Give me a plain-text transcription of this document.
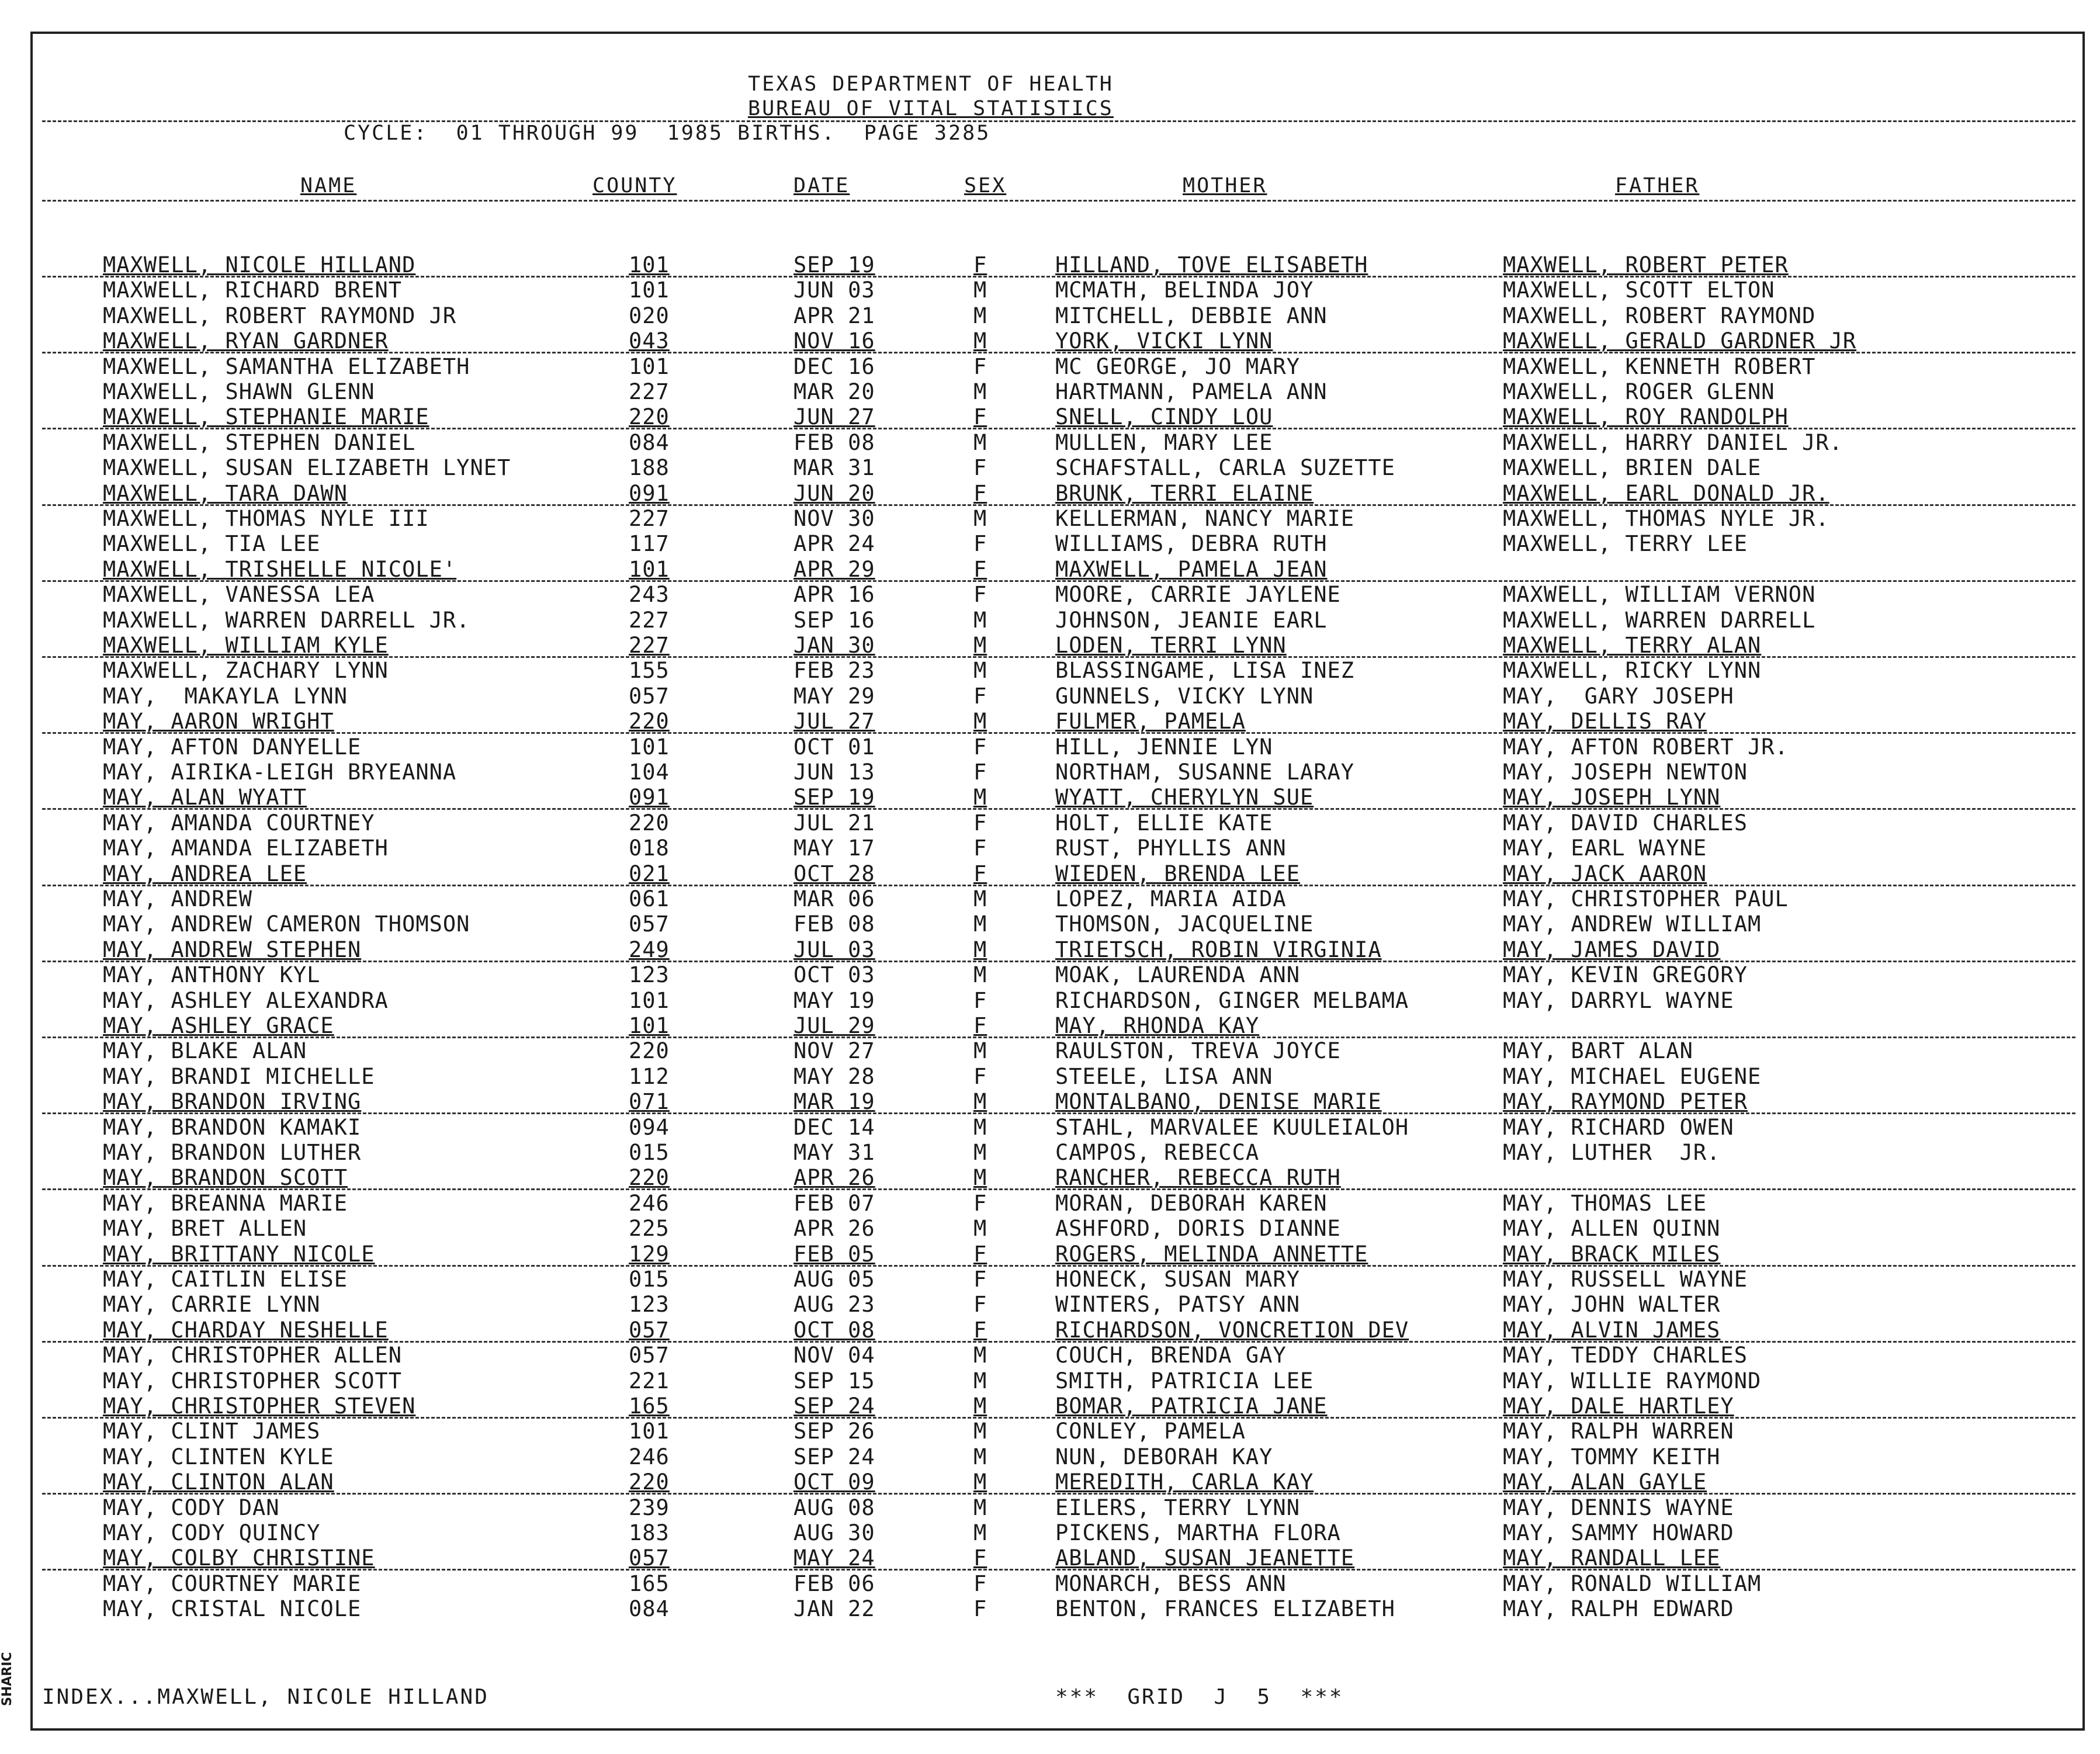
TEXAS DEPARTMENT OF HEALTH
BUREAU OF VITAL STATISTICS
CYCLE:  01 THROUGH 99  1985 BIRTHS.  PAGE 3285
NAME	COUNTY	DATE	SEX	MOTHER	FATHER
MAXWELL, NICOLE HILLAND	101	SEP 19	F	HILLAND, TOVE ELISABETH	MAXWELL, ROBERT PETER
MAXWELL, RICHARD BRENT	101	JUN 03	M	MCMATH, BELINDA JOY	MAXWELL, SCOTT ELTON
MAXWELL, ROBERT RAYMOND JR	020	APR 21	M	MITCHELL, DEBBIE ANN	MAXWELL, ROBERT RAYMOND
MAXWELL, RYAN GARDNER	043	NOV 16	M	YORK, VICKI LYNN	MAXWELL, GERALD GARDNER JR
MAXWELL, SAMANTHA ELIZABETH	101	DEC 16	F	MC GEORGE, JO MARY	MAXWELL, KENNETH ROBERT
MAXWELL, SHAWN GLENN	227	MAR 20	M	HARTMANN, PAMELA ANN	MAXWELL, ROGER GLENN
MAXWELL, STEPHANIE MARIE	220	JUN 27	F	SNELL, CINDY LOU	MAXWELL, ROY RANDOLPH
MAXWELL, STEPHEN DANIEL	084	FEB 08	M	MULLEN, MARY LEE	MAXWELL, HARRY DANIEL JR.
MAXWELL, SUSAN ELIZABETH LYNET	188	MAR 31	F	SCHAFSTALL, CARLA SUZETTE	MAXWELL, BRIEN DALE
MAXWELL, TARA DAWN	091	JUN 20	F	BRUNK, TERRI ELAINE	MAXWELL, EARL DONALD JR.
MAXWELL, THOMAS NYLE III	227	NOV 30	M	KELLERMAN, NANCY MARIE	MAXWELL, THOMAS NYLE JR.
MAXWELL, TIA LEE	117	APR 24	F	WILLIAMS, DEBRA RUTH	MAXWELL, TERRY LEE
MAXWELL, TRISHELLE NICOLE'	101	APR 29	F	MAXWELL, PAMELA JEAN
MAXWELL, VANESSA LEA	243	APR 16	F	MOORE, CARRIE JAYLENE	MAXWELL, WILLIAM VERNON
MAXWELL, WARREN DARRELL JR.	227	SEP 16	M	JOHNSON, JEANIE EARL	MAXWELL, WARREN DARRELL
MAXWELL, WILLIAM KYLE	227	JAN 30	M	LODEN, TERRI LYNN	MAXWELL, TERRY ALAN
MAXWELL, ZACHARY LYNN	155	FEB 23	M	BLASSINGAME, LISA INEZ	MAXWELL, RICKY LYNN
MAY,  MAKAYLA LYNN	057	MAY 29	F	GUNNELS, VICKY LYNN	MAY,  GARY JOSEPH
MAY, AARON WRIGHT	220	JUL 27	M	FULMER, PAMELA	MAY, DELLIS RAY
MAY, AFTON DANYELLE	101	OCT 01	F	HILL, JENNIE LYN	MAY, AFTON ROBERT JR.
MAY, AIRIKA-LEIGH BRYEANNA	104	JUN 13	F	NORTHAM, SUSANNE LARAY	MAY, JOSEPH NEWTON
MAY, ALAN WYATT	091	SEP 19	M	WYATT, CHERYLYN SUE	MAY, JOSEPH LYNN
MAY, AMANDA COURTNEY	220	JUL 21	F	HOLT, ELLIE KATE	MAY, DAVID CHARLES
MAY, AMANDA ELIZABETH	018	MAY 17	F	RUST, PHYLLIS ANN	MAY, EARL WAYNE
MAY, ANDREA LEE	021	OCT 28	F	WIEDEN, BRENDA LEE	MAY, JACK AARON
MAY, ANDREW	061	MAR 06	M	LOPEZ, MARIA AIDA	MAY, CHRISTOPHER PAUL
MAY, ANDREW CAMERON THOMSON	057	FEB 08	M	THOMSON, JACQUELINE	MAY, ANDREW WILLIAM
MAY, ANDREW STEPHEN	249	JUL 03	M	TRIETSCH, ROBIN VIRGINIA	MAY, JAMES DAVID
MAY, ANTHONY KYL	123	OCT 03	M	MOAK, LAURENDA ANN	MAY, KEVIN GREGORY
MAY, ASHLEY ALEXANDRA	101	MAY 19	F	RICHARDSON, GINGER MELBAMA	MAY, DARRYL WAYNE
MAY, ASHLEY GRACE	101	JUL 29	F	MAY, RHONDA KAY
MAY, BLAKE ALAN	220	NOV 27	M	RAULSTON, TREVA JOYCE	MAY, BART ALAN
MAY, BRANDI MICHELLE	112	MAY 28	F	STEELE, LISA ANN	MAY, MICHAEL EUGENE
MAY, BRANDON IRVING	071	MAR 19	M	MONTALBANO, DENISE MARIE	MAY, RAYMOND PETER
MAY, BRANDON KAMAKI	094	DEC 14	M	STAHL, MARVALEE KUULEIALOH	MAY, RICHARD OWEN
MAY, BRANDON LUTHER	015	MAY 31	M	CAMPOS, REBECCA	MAY, LUTHER  JR.
MAY, BRANDON SCOTT	220	APR 26	M	RANCHER, REBECCA RUTH
MAY, BREANNA MARIE	246	FEB 07	F	MORAN, DEBORAH KAREN	MAY, THOMAS LEE
MAY, BRET ALLEN	225	APR 26	M	ASHFORD, DORIS DIANNE	MAY, ALLEN QUINN
MAY, BRITTANY NICOLE	129	FEB 05	F	ROGERS, MELINDA ANNETTE	MAY, BRACK MILES
MAY, CAITLIN ELISE	015	AUG 05	F	HONECK, SUSAN MARY	MAY, RUSSELL WAYNE
MAY, CARRIE LYNN	123	AUG 23	F	WINTERS, PATSY ANN	MAY, JOHN WALTER
MAY, CHARDAY NESHELLE	057	OCT 08	F	RICHARDSON, VONCRETION DEV	MAY, ALVIN JAMES
MAY, CHRISTOPHER ALLEN	057	NOV 04	M	COUCH, BRENDA GAY	MAY, TEDDY CHARLES
MAY, CHRISTOPHER SCOTT	221	SEP 15	M	SMITH, PATRICIA LEE	MAY, WILLIE RAYMOND
MAY, CHRISTOPHER STEVEN	165	SEP 24	M	BOMAR, PATRICIA JANE	MAY, DALE HARTLEY
MAY, CLINT JAMES	101	SEP 26	M	CONLEY, PAMELA	MAY, RALPH WARREN
MAY, CLINTEN KYLE	246	SEP 24	M	NUN, DEBORAH KAY	MAY, TOMMY KEITH
MAY, CLINTON ALAN	220	OCT 09	M	MEREDITH, CARLA KAY	MAY, ALAN GAYLE
MAY, CODY DAN	239	AUG 08	M	EILERS, TERRY LYNN	MAY, DENNIS WAYNE
MAY, CODY QUINCY	183	AUG 30	M	PICKENS, MARTHA FLORA	MAY, SAMMY HOWARD
MAY, COLBY CHRISTINE	057	MAY 24	F	ABLAND, SUSAN JEANETTE	MAY, RANDALL LEE
MAY, COURTNEY MARIE	165	FEB 06	F	MONARCH, BESS ANN	MAY, RONALD WILLIAM
MAY, CRISTAL NICOLE	084	JAN 22	F	BENTON, FRANCES ELIZABETH	MAY, RALPH EDWARD
INDEX...MAXWELL, NICOLE HILLAND	***  GRID  J  5  ***
SHARIC
